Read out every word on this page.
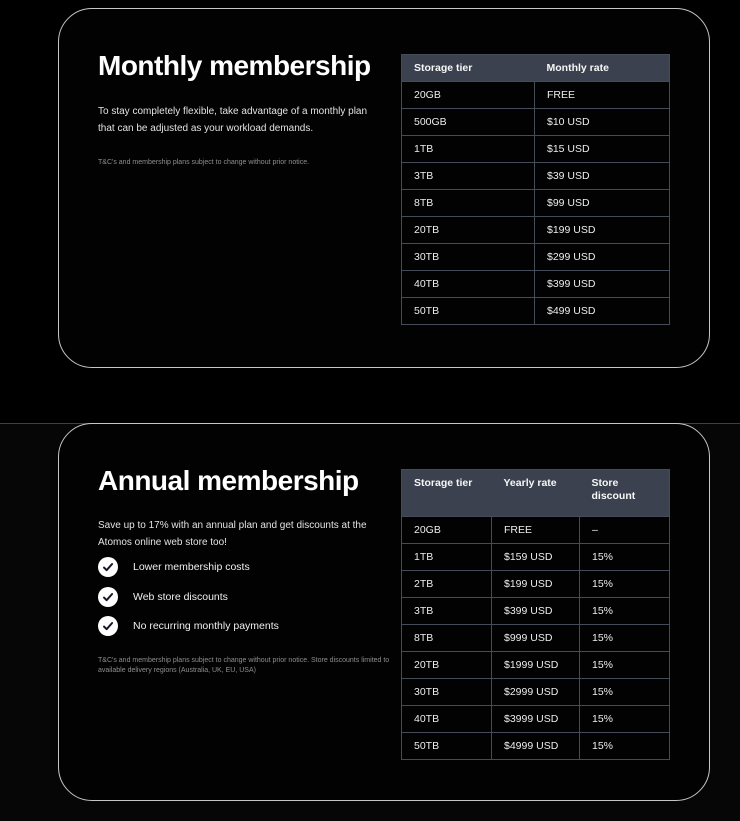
Monthly membership

To stay completely flexible, take advantage of a monthly plan that can be adjusted as your workload demands.

T&C's and membership plans subject to change without prior notice.

Storage tier	Monthly rate
20GB	FREE
500GB	$10 USD
1TB	$15 USD
3TB	$39 USD
8TB	$99 USD
20TB	$199 USD
30TB	$299 USD
40TB	$399 USD
50TB	$499 USD
Annual membership

Save up to 17% with an annual plan and get discounts at the Atomos online web store too!

Lower membership costs
Web store discounts
No recurring monthly payments

T&C's and membership plans subject to change without prior notice. Store discounts limited to available delivery regions (Australia, UK, EU, USA)

Storage tier	Yearly rate	Store discount
20GB	FREE	–
1TB	$159 USD	15%
2TB	$199 USD	15%
3TB	$399 USD	15%
8TB	$999 USD	15%
20TB	$1999 USD	15%
30TB	$2999 USD	15%
40TB	$3999 USD	15%
50TB	$4999 USD	15%
